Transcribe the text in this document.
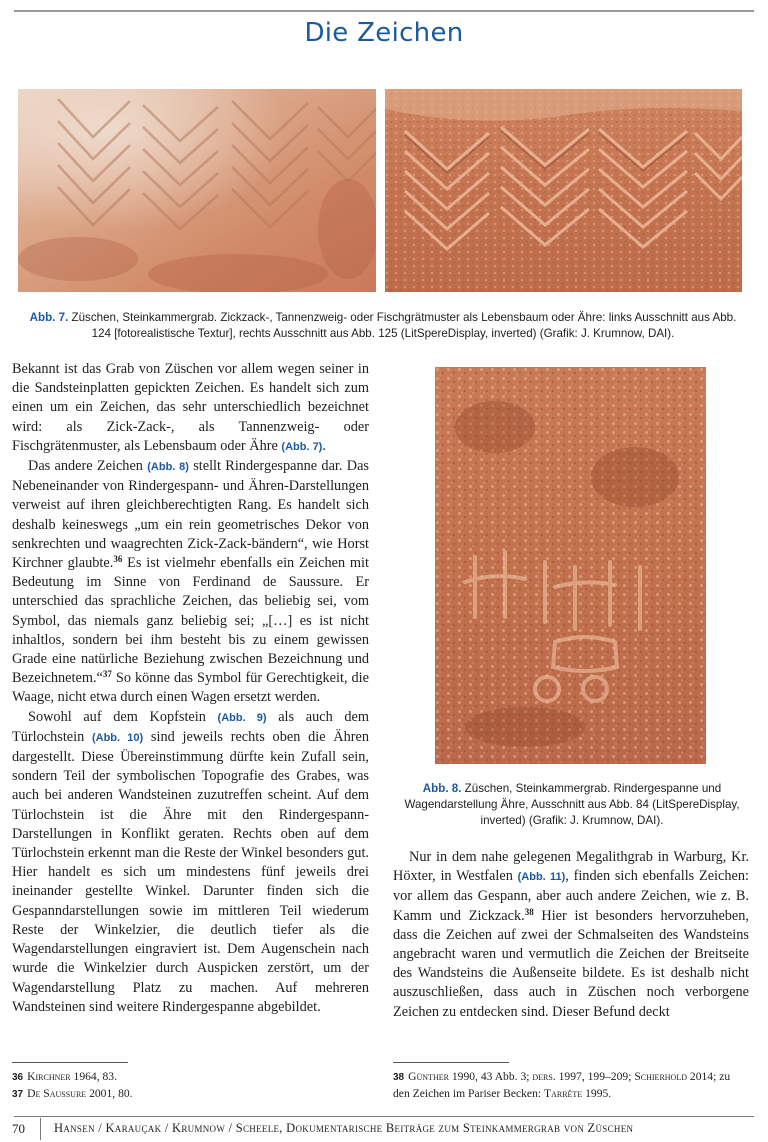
Die Zeichen
Abb. 7. Züschen, Steinkammergrab. Zickzack-, Tannenzweig- oder Fischgrätmuster als Lebensbaum oder Ähre: links Ausschnitt aus Abb. 124 [fotorealistische Textur], rechts Ausschnitt aus Abb. 125 (LitSpereDisplay, inverted) (Grafik: J. Krumnow, DAI).
Abb. 8. Züschen, Steinkammergrab. Rindergespanne und Wagendarstellung Ähre, Ausschnitt aus Abb. 84 (LitSpereDisplay, inverted) (Grafik: J. Krumnow, DAI).

Bekannt ist das Grab von Züschen vor allem wegen seiner in die Sandsteinplatten gepickten Zeichen. Es handelt sich zum einen um ein Zeichen, das sehr unterschiedlich bezeichnet wird: als Zick-Zack-, als Tannenzweig- oder Fischgrätenmuster, als Lebensbaum oder Ähre (Abb. 7).

Das andere Zeichen (Abb. 8) stellt Rindergespanne dar. Das Nebeneinander von Rindergespann- und Ähren-Darstellungen verweist auf ihren gleichberechtigten Rang. Es handelt sich deshalb keineswegs „um ein rein geometrisches Dekor von senkrechten und waagrechten Zick-Zack-bändern“, wie Horst Kirchner glaubte.$^{36}$ Es ist vielmehr ebenfalls ein Zeichen mit Bedeutung im Sinne von Ferdinand de Saussure. Er unterschied das sprachliche Zeichen, das beliebig sei, vom Symbol, das niemals ganz beliebig sei; „[…] es ist nicht inhaltlos, sondern bei ihm besteht bis zu einem gewissen Grade eine natürliche Beziehung zwischen Bezeichnung und Bezeichnetem.“$^{37}$ So könne das Symbol für Gerechtigkeit, die Waage, nicht etwa durch einen Wagen ersetzt werden.

Sowohl auf dem Kopfstein (Abb. 9) als auch dem Türlochstein (Abb. 10) sind jeweils rechts oben die Ähren dargestellt. Diese Übereinstimmung dürfte kein Zufall sein, sondern Teil der symbolischen Topografie des Grabes, was auch bei anderen Wandsteinen zuzutreffen scheint. Auf dem Türlochstein ist die Ähre mit den Rindergespann-Darstellungen in Konflikt geraten. Rechts oben auf dem Türlochstein erkennt man die Reste der Winkel besonders gut. Hier handelt es sich um mindestens fünf jeweils drei ineinander gestellte Winkel. Darunter finden sich die Gespanndarstellungen sowie im mittleren Teil wiederum Reste der Winkelzier, die deutlich tiefer als die Wagendarstellungen eingraviert ist. Dem Augenschein nach wurde die Winkelzier durch Auspicken zerstört, um der Wagendarstellung Platz zu machen. Auf mehreren Wandsteinen sind weitere Rindergespanne abgebildet.

Nur in dem nahe gelegenen Megalithgrab in Warburg, Kr. Höxter, in Westfalen (Abb. 11), finden sich ebenfalls Zeichen: vor allem das Gespann, aber auch andere Zeichen, wie z. B. Kamm und Zickzack.$^{38}$ Hier ist besonders hervorzuheben, dass die Zeichen auf zwei der Schmalseiten des Wandsteins angebracht waren und vermutlich die Zeichen der Breitseite des Wandsteins die Außenseite bildete. Es ist deshalb nicht auszuschließen, dass auch in Züschen noch verborgene Zeichen zu entdecken sind. Dieser Befund deckt

36 Kirchner 1964, 83.
37 De Saussure 2001, 80.
38 Günther 1990, 43 Abb. 3; ders. 1997, 199–209; Schierhold 2014; zu den Zeichen im Pariser Becken: Tarrête 1995.
70 Hansen / Karauçak / Krumnow / Scheele, Dokumentarische Beiträge zum Steinkammergrab von Züschen
